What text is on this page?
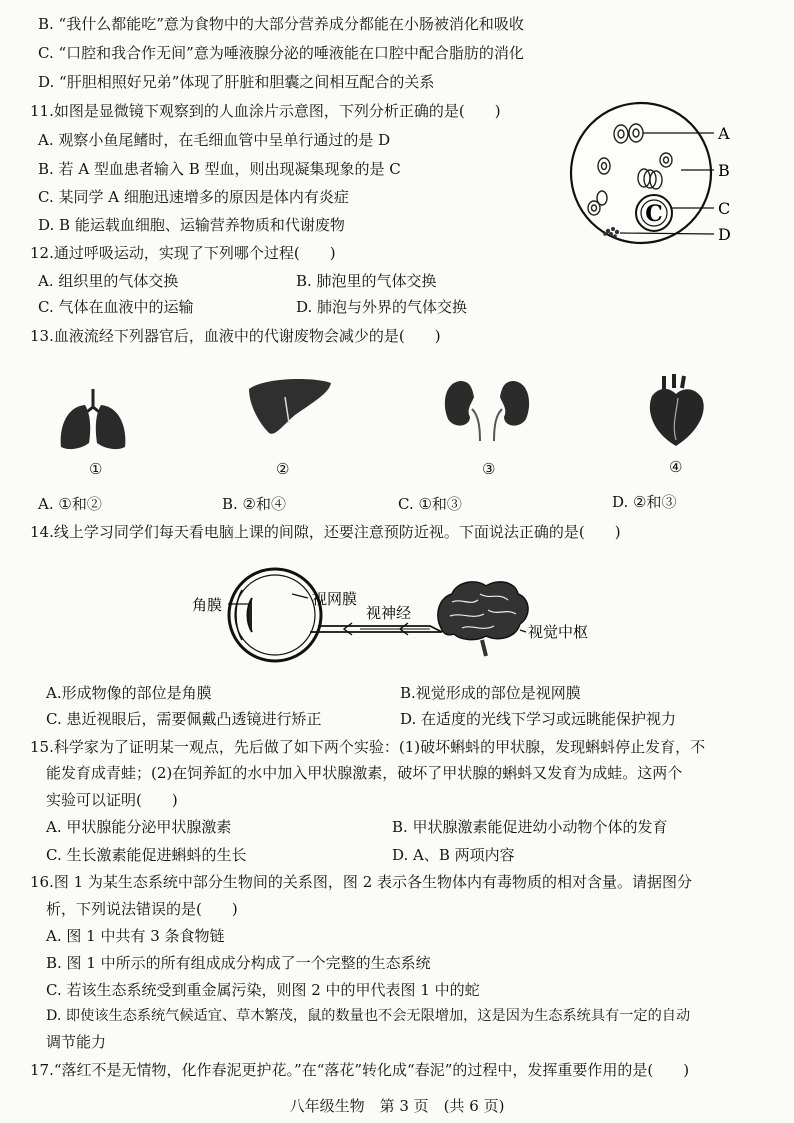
B. “我什么都能吃”意为食物中的大部分营养成分都能在小肠被消化和吸收
C. “口腔和我合作无间”意为唾液腺分泌的唾液能在口腔中配合脂肪的消化
D. “肝胆相照好兄弟”体现了肝脏和胆囊之间相互配合的关系
11.如图是显微镜下观察到的人血涂片示意图，下列分析正确的是(　　)
A. 观察小鱼尾鳍时，在毛细血管中呈单行通过的是 D
B. 若 A 型血患者输入 B 型血，则出现凝集现象的是 C
C. 某同学 A 细胞迅速增多的原因是体内有炎症
D. B 能运载血细胞、运输营养物质和代谢废物	C
A
B
C
D
12.通过呼吸运动，实现了下列哪个过程(　　)
A. 组织里的气体交换	B. 肺泡里的气体交换
C. 气体在血液中的运输	D. 肺泡与外界的气体交换
13.血液流经下列器官后，血液中的代谢废物会减少的是(　　)
①	②	③	④
A. ①和②	B. ②和④	C. ①和③	D. ②和③
14.线上学习同学们每天看电脑上课的间隙，还要注意预防近视。下面说法正确的是(　　)
角膜	视网膜
视神经
视觉中枢
A.形成物像的部位是角膜	B.视觉形成的部位是视网膜
C. 患近视眼后，需要佩戴凸透镜进行矫正	D. 在适度的光线下学习或远眺能保护视力
15.科学家为了证明某一观点，先后做了如下两个实验：(1)破坏蝌蚪的甲状腺，发现蝌蚪停止发育，不
能发育成青蛙；(2)在饲养缸的水中加入甲状腺激素，破坏了甲状腺的蝌蚪又发育为成蛙。这两个
实验可以证明(　　)
A. 甲状腺能分泌甲状腺激素	B. 甲状腺激素能促进幼小动物个体的发育
C. 生长激素能促进蝌蚪的生长	D. A、B 两项内容
16.图 1 为某生态系统中部分生物间的关系图，图 2 表示各生物体内有毒物质的相对含量。请据图分
析，下列说法错误的是(　　)
A. 图 1 中共有 3 条食物链
B. 图 1 中所示的所有组成成分构成了一个完整的生态系统
C. 若该生态系统受到重金属污染，则图 2 中的甲代表图 1 中的蛇
D. 即使该生态系统气候适宜、草木繁茂，鼠的数量也不会无限增加，这是因为生态系统具有一定的自动
调节能力
17.“落红不是无情物，化作春泥更护花。”在“落花”转化成“春泥”的过程中，发挥重要作用的是(　　)
八年级生物　第 3 页　(共 6 页)
